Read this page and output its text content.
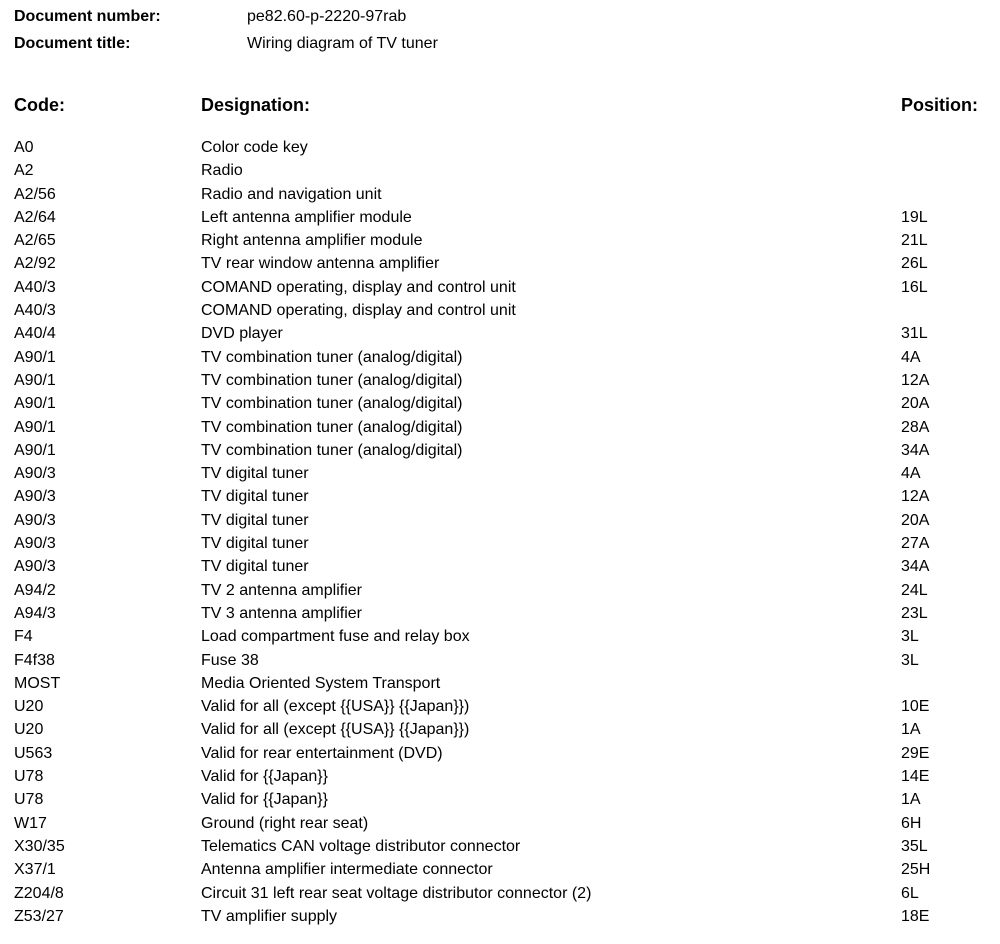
Document number:	pe82.60-p-2220-97rab
Document title:	Wiring diagram of TV tuner
Code:	Designation:	Position:
A0	Color code key
A2	Radio
A2/56	Radio and navigation unit
A2/64	Left antenna amplifier module	19L
A2/65	Right antenna amplifier module	21L
A2/92	TV rear window antenna amplifier	26L
A40/3	COMAND operating, display and control unit	16L
A40/3	COMAND operating, display and control unit
A40/4	DVD player	31L
A90/1	TV combination tuner (analog/digital)	4A
A90/1	TV combination tuner (analog/digital)	12A
A90/1	TV combination tuner (analog/digital)	20A
A90/1	TV combination tuner (analog/digital)	28A
A90/1	TV combination tuner (analog/digital)	34A
A90/3	TV digital tuner	4A
A90/3	TV digital tuner	12A
A90/3	TV digital tuner	20A
A90/3	TV digital tuner	27A
A90/3	TV digital tuner	34A
A94/2	TV 2 antenna amplifier	24L
A94/3	TV 3 antenna amplifier	23L
F4	Load compartment fuse and relay box	3L
F4f38	Fuse 38	3L
MOST	Media Oriented System Transport
U20	Valid for all (except {{USA}} {{Japan}})	10E
U20	Valid for all (except {{USA}} {{Japan}})	1A
U563	Valid for rear entertainment (DVD)	29E
U78	Valid for {{Japan}}	14E
U78	Valid for {{Japan}}	1A
W17	Ground (right rear seat)	6H
X30/35	Telematics CAN voltage distributor connector	35L
X37/1	Antenna amplifier intermediate connector	25H
Z204/8	Circuit 31 left rear seat voltage distributor connector (2)	6L
Z53/27	TV amplifier supply	18E
